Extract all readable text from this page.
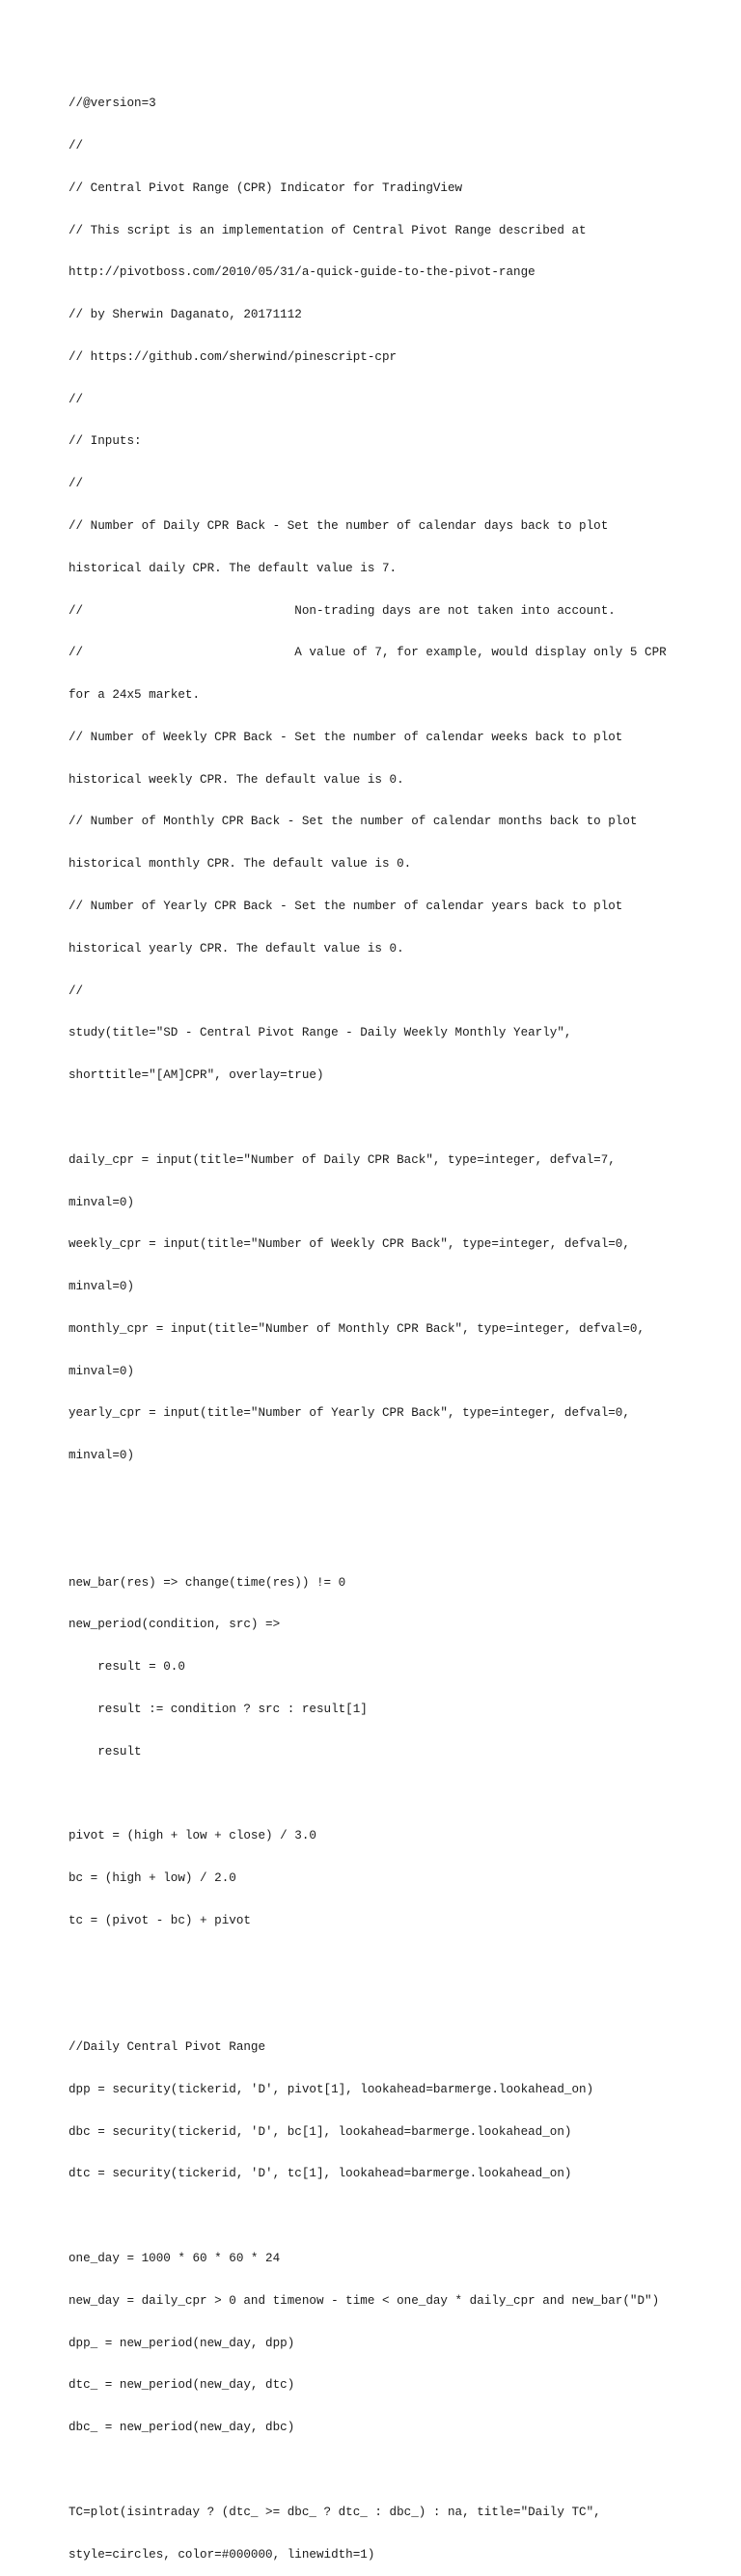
//@version=3

//

// Central Pivot Range (CPR) Indicator for TradingView

// This script is an implementation of Central Pivot Range described at

http://pivotboss.com/2010/05/31/a-quick-guide-to-the-pivot-range

// by Sherwin Daganato, 20171112

// https://github.com/sherwind/pinescript-cpr

//

// Inputs:

//

// Number of Daily CPR Back - Set the number of calendar days back to plot

historical daily CPR. The default value is 7.

//                             Non-trading days are not taken into account.

//                             A value of 7, for example, would display only 5 CPR

for a 24x5 market.

// Number of Weekly CPR Back - Set the number of calendar weeks back to plot

historical weekly CPR. The default value is 0.

// Number of Monthly CPR Back - Set the number of calendar months back to plot

historical monthly CPR. The default value is 0.

// Number of Yearly CPR Back - Set the number of calendar years back to plot

historical yearly CPR. The default value is 0.

//

study(title="SD - Central Pivot Range - Daily Weekly Monthly Yearly",

shorttitle="[AM]CPR", overlay=true)

daily_cpr = input(title="Number of Daily CPR Back", type=integer, defval=7,

minval=0)

weekly_cpr = input(title="Number of Weekly CPR Back", type=integer, defval=0,

minval=0)

monthly_cpr = input(title="Number of Monthly CPR Back", type=integer, defval=0,

minval=0)

yearly_cpr = input(title="Number of Yearly CPR Back", type=integer, defval=0,

minval=0)

new_bar(res) => change(time(res)) != 0

new_period(condition, src) =>

result = 0.0

result := condition ? src : result[1]

result

pivot = (high + low + close) / 3.0

bc = (high + low) / 2.0

tc = (pivot - bc) + pivot

//Daily Central Pivot Range

dpp = security(tickerid, 'D', pivot[1], lookahead=barmerge.lookahead_on)

dbc = security(tickerid, 'D', bc[1], lookahead=barmerge.lookahead_on)

dtc = security(tickerid, 'D', tc[1], lookahead=barmerge.lookahead_on)

one_day = 1000 * 60 * 60 * 24

new_day = daily_cpr > 0 and timenow - time < one_day * daily_cpr and new_bar("D")

dpp_ = new_period(new_day, dpp)

dtc_ = new_period(new_day, dtc)

dbc_ = new_period(new_day, dbc)

TC=plot(isintraday ? (dtc_ >= dbc_ ? dtc_ : dbc_) : na, title="Daily TC",

style=circles, color=#000000, linewidth=1)
